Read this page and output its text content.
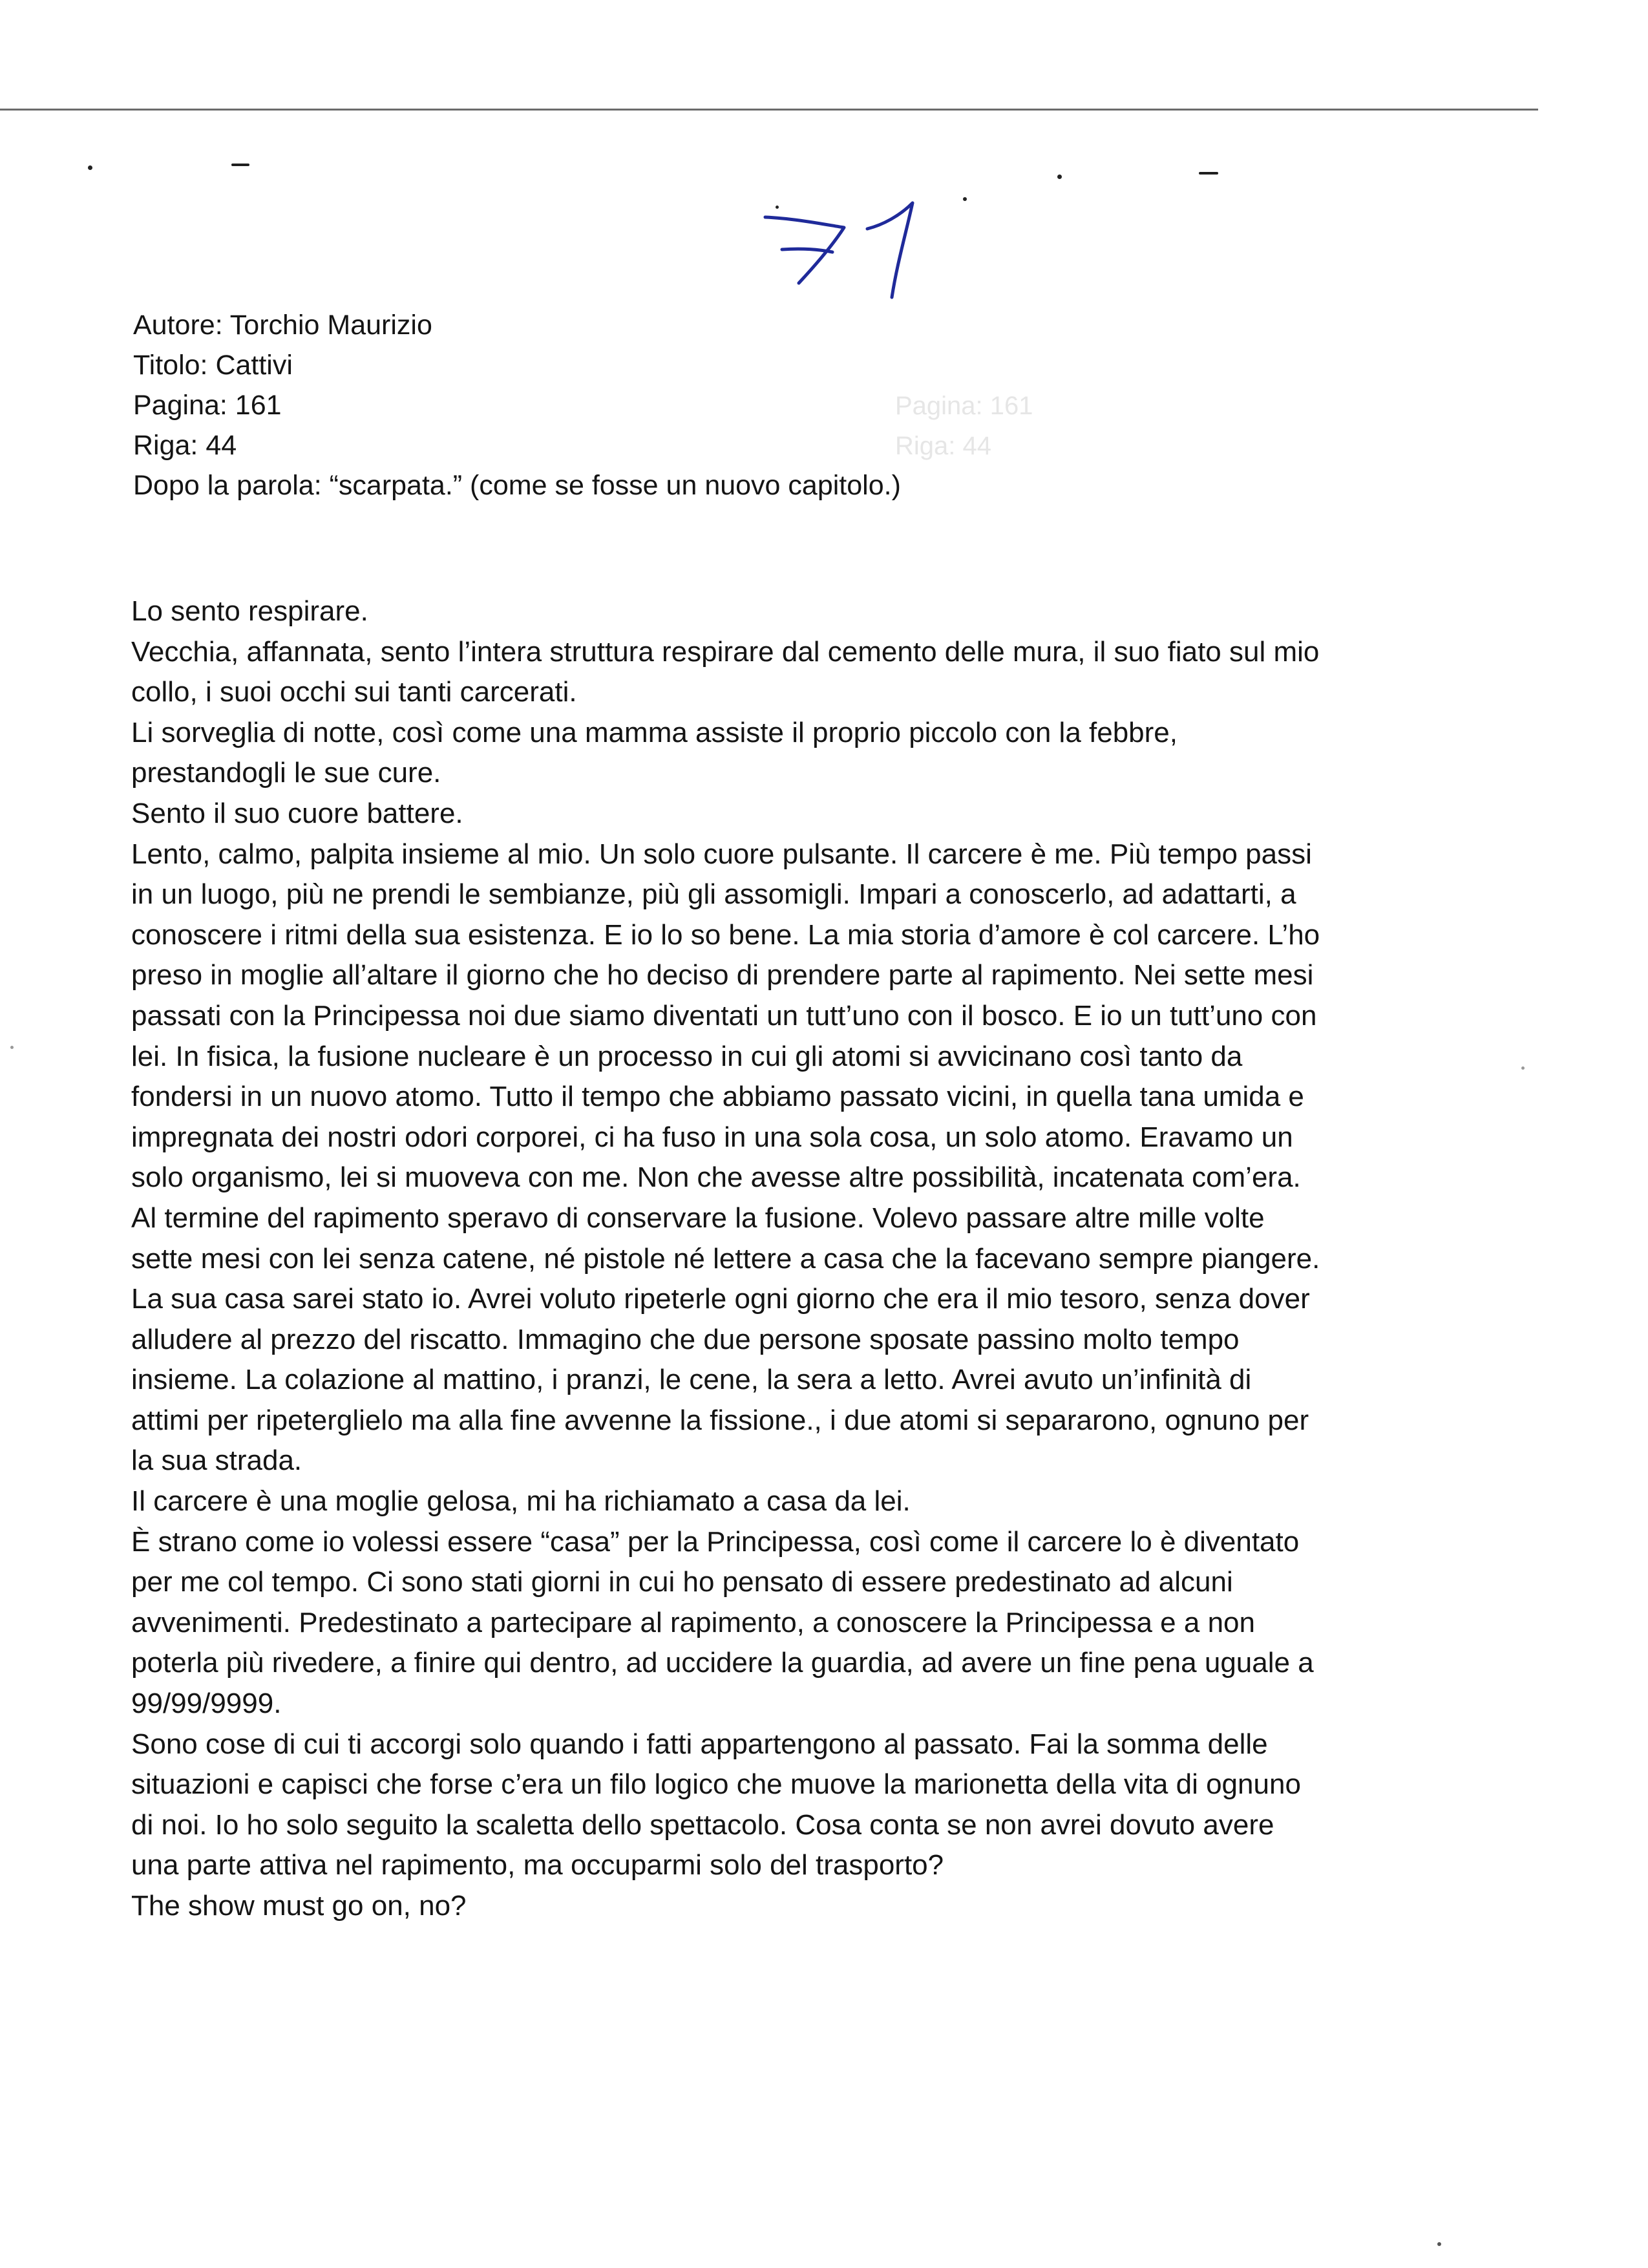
71
Pagina: 161
Riga: 44
Autore: Torchio Maurizio
Titolo: Cattivi
Pagina: 161
Riga: 44
Dopo la parola: “scarpata.” (come se fosse un nuovo capitolo.)
Lo sento respirare.
Vecchia, affannata, sento l’intera struttura respirare dal cemento delle mura, il suo fiato sul mio
collo, i suoi occhi sui tanti carcerati.
Li sorveglia di notte, così come una mamma assiste il proprio piccolo con la febbre,
prestandogli le sue cure.
Sento il suo cuore battere.
Lento, calmo, palpita insieme al mio. Un solo cuore pulsante. Il carcere è me. Più tempo passi
in un luogo, più ne prendi le sembianze, più gli assomigli. Impari a conoscerlo, ad adattarti, a
conoscere i ritmi della sua esistenza. E io lo so bene. La mia storia d’amore è col carcere. L’ho
preso in moglie all’altare il giorno che ho deciso di prendere parte al rapimento. Nei sette mesi
passati con la Principessa noi due siamo diventati un tutt’uno con il bosco. E io un tutt’uno con
lei. In fisica, la fusione nucleare è un processo in cui gli atomi si avvicinano così tanto da
fondersi in un nuovo atomo. Tutto il tempo che abbiamo passato vicini, in quella tana umida e
impregnata dei nostri odori corporei, ci ha fuso in una sola cosa, un solo atomo. Eravamo un
solo organismo, lei si muoveva con me. Non che avesse altre possibilità, incatenata com’era.
Al termine del rapimento speravo di conservare la fusione. Volevo passare altre mille volte
sette mesi con lei senza catene, né pistole né lettere a casa che la facevano sempre piangere.
La sua casa sarei stato io. Avrei voluto ripeterle ogni giorno che era il mio tesoro, senza dover
alludere al prezzo del riscatto. Immagino che due persone sposate passino molto tempo
insieme. La colazione al mattino, i pranzi, le cene, la sera a letto. Avrei avuto un’infinità di
attimi per ripeterglielo ma alla fine avvenne la fissione., i due atomi si separarono, ognuno per
la sua strada.
Il carcere è una moglie gelosa, mi ha richiamato a casa da lei.
È strano come io volessi essere “casa” per la Principessa, così come il carcere lo è diventato
per me col tempo. Ci sono stati giorni in cui ho pensato di essere predestinato ad alcuni
avvenimenti. Predestinato a partecipare al rapimento, a conoscere la Principessa e a non
poterla più rivedere, a finire qui dentro, ad uccidere la guardia, ad avere un fine pena uguale a
99/99/9999.
Sono cose di cui ti accorgi solo quando i fatti appartengono al passato. Fai la somma delle
situazioni e capisci che forse c’era un filo logico che muove la marionetta della vita di ognuno
di noi. Io ho solo seguito la scaletta dello spettacolo. Cosa conta se non avrei dovuto avere
una parte attiva nel rapimento, ma occuparmi solo del trasporto?
The show must go on, no?
